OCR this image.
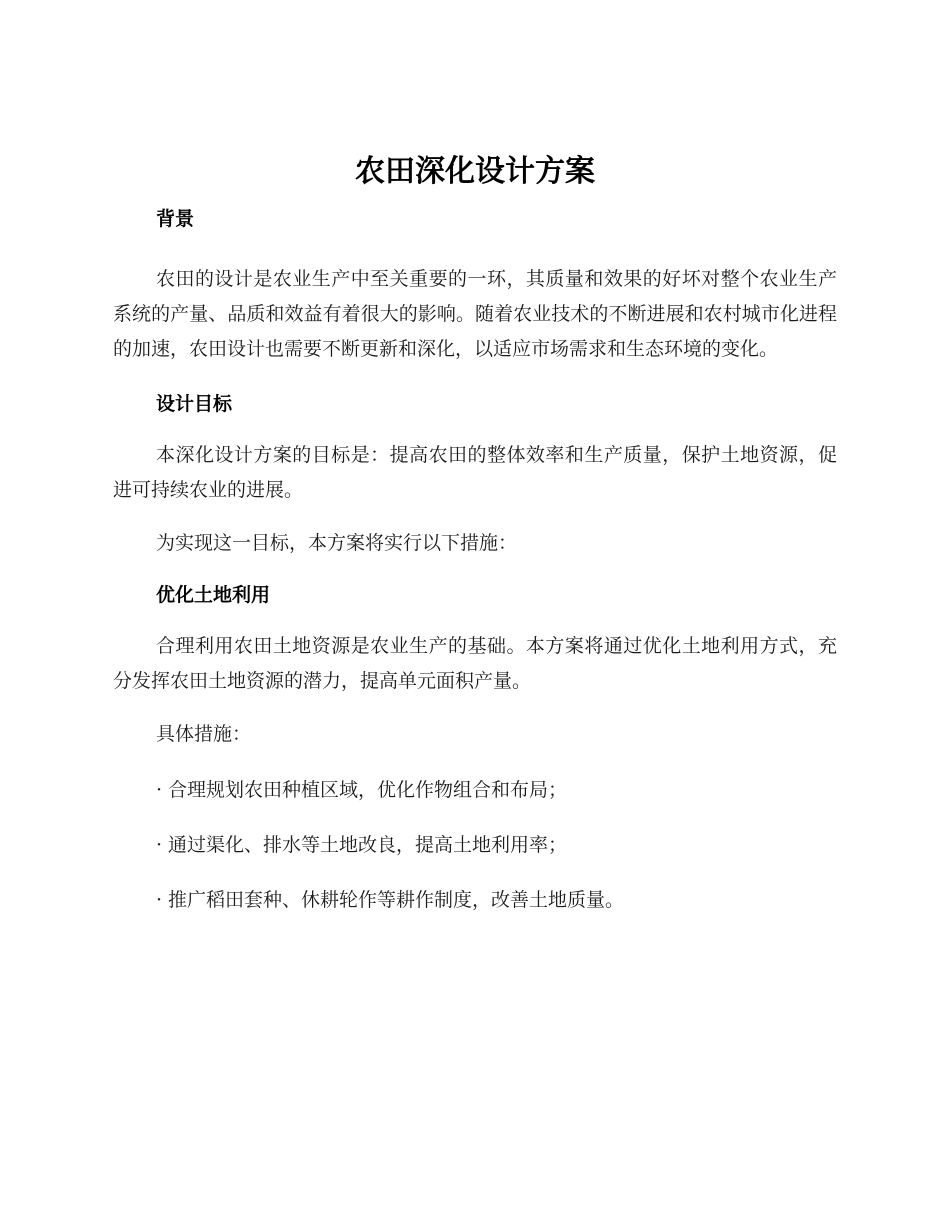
农田深化设计方案

背景

农田的设计是农业生产中至关重要的一环，其质量和效果的好坏对整个农业生产系统的产量、品质和效益有着很大的影响。随着农业技术的不断进展和农村城市化进程的加速，农田设计也需要不断更新和深化，以适应市场需求和生态环境的变化。

设计目标

本深化设计方案的目标是：提高农田的整体效率和生产质量，保护土地资源，促进可持续农业的进展。

为实现这一目标，本方案将实行以下措施：

优化土地利用

合理利用农田土地资源是农业生产的基础。本方案将通过优化土地利用方式，充分发挥农田土地资源的潜力，提高单元面积产量。

具体措施：

· 合理规划农田种植区域，优化作物组合和布局；

· 通过渠化、排水等土地改良，提高土地利用率；

· 推广稻田套种、休耕轮作等耕作制度，改善土地质量。
